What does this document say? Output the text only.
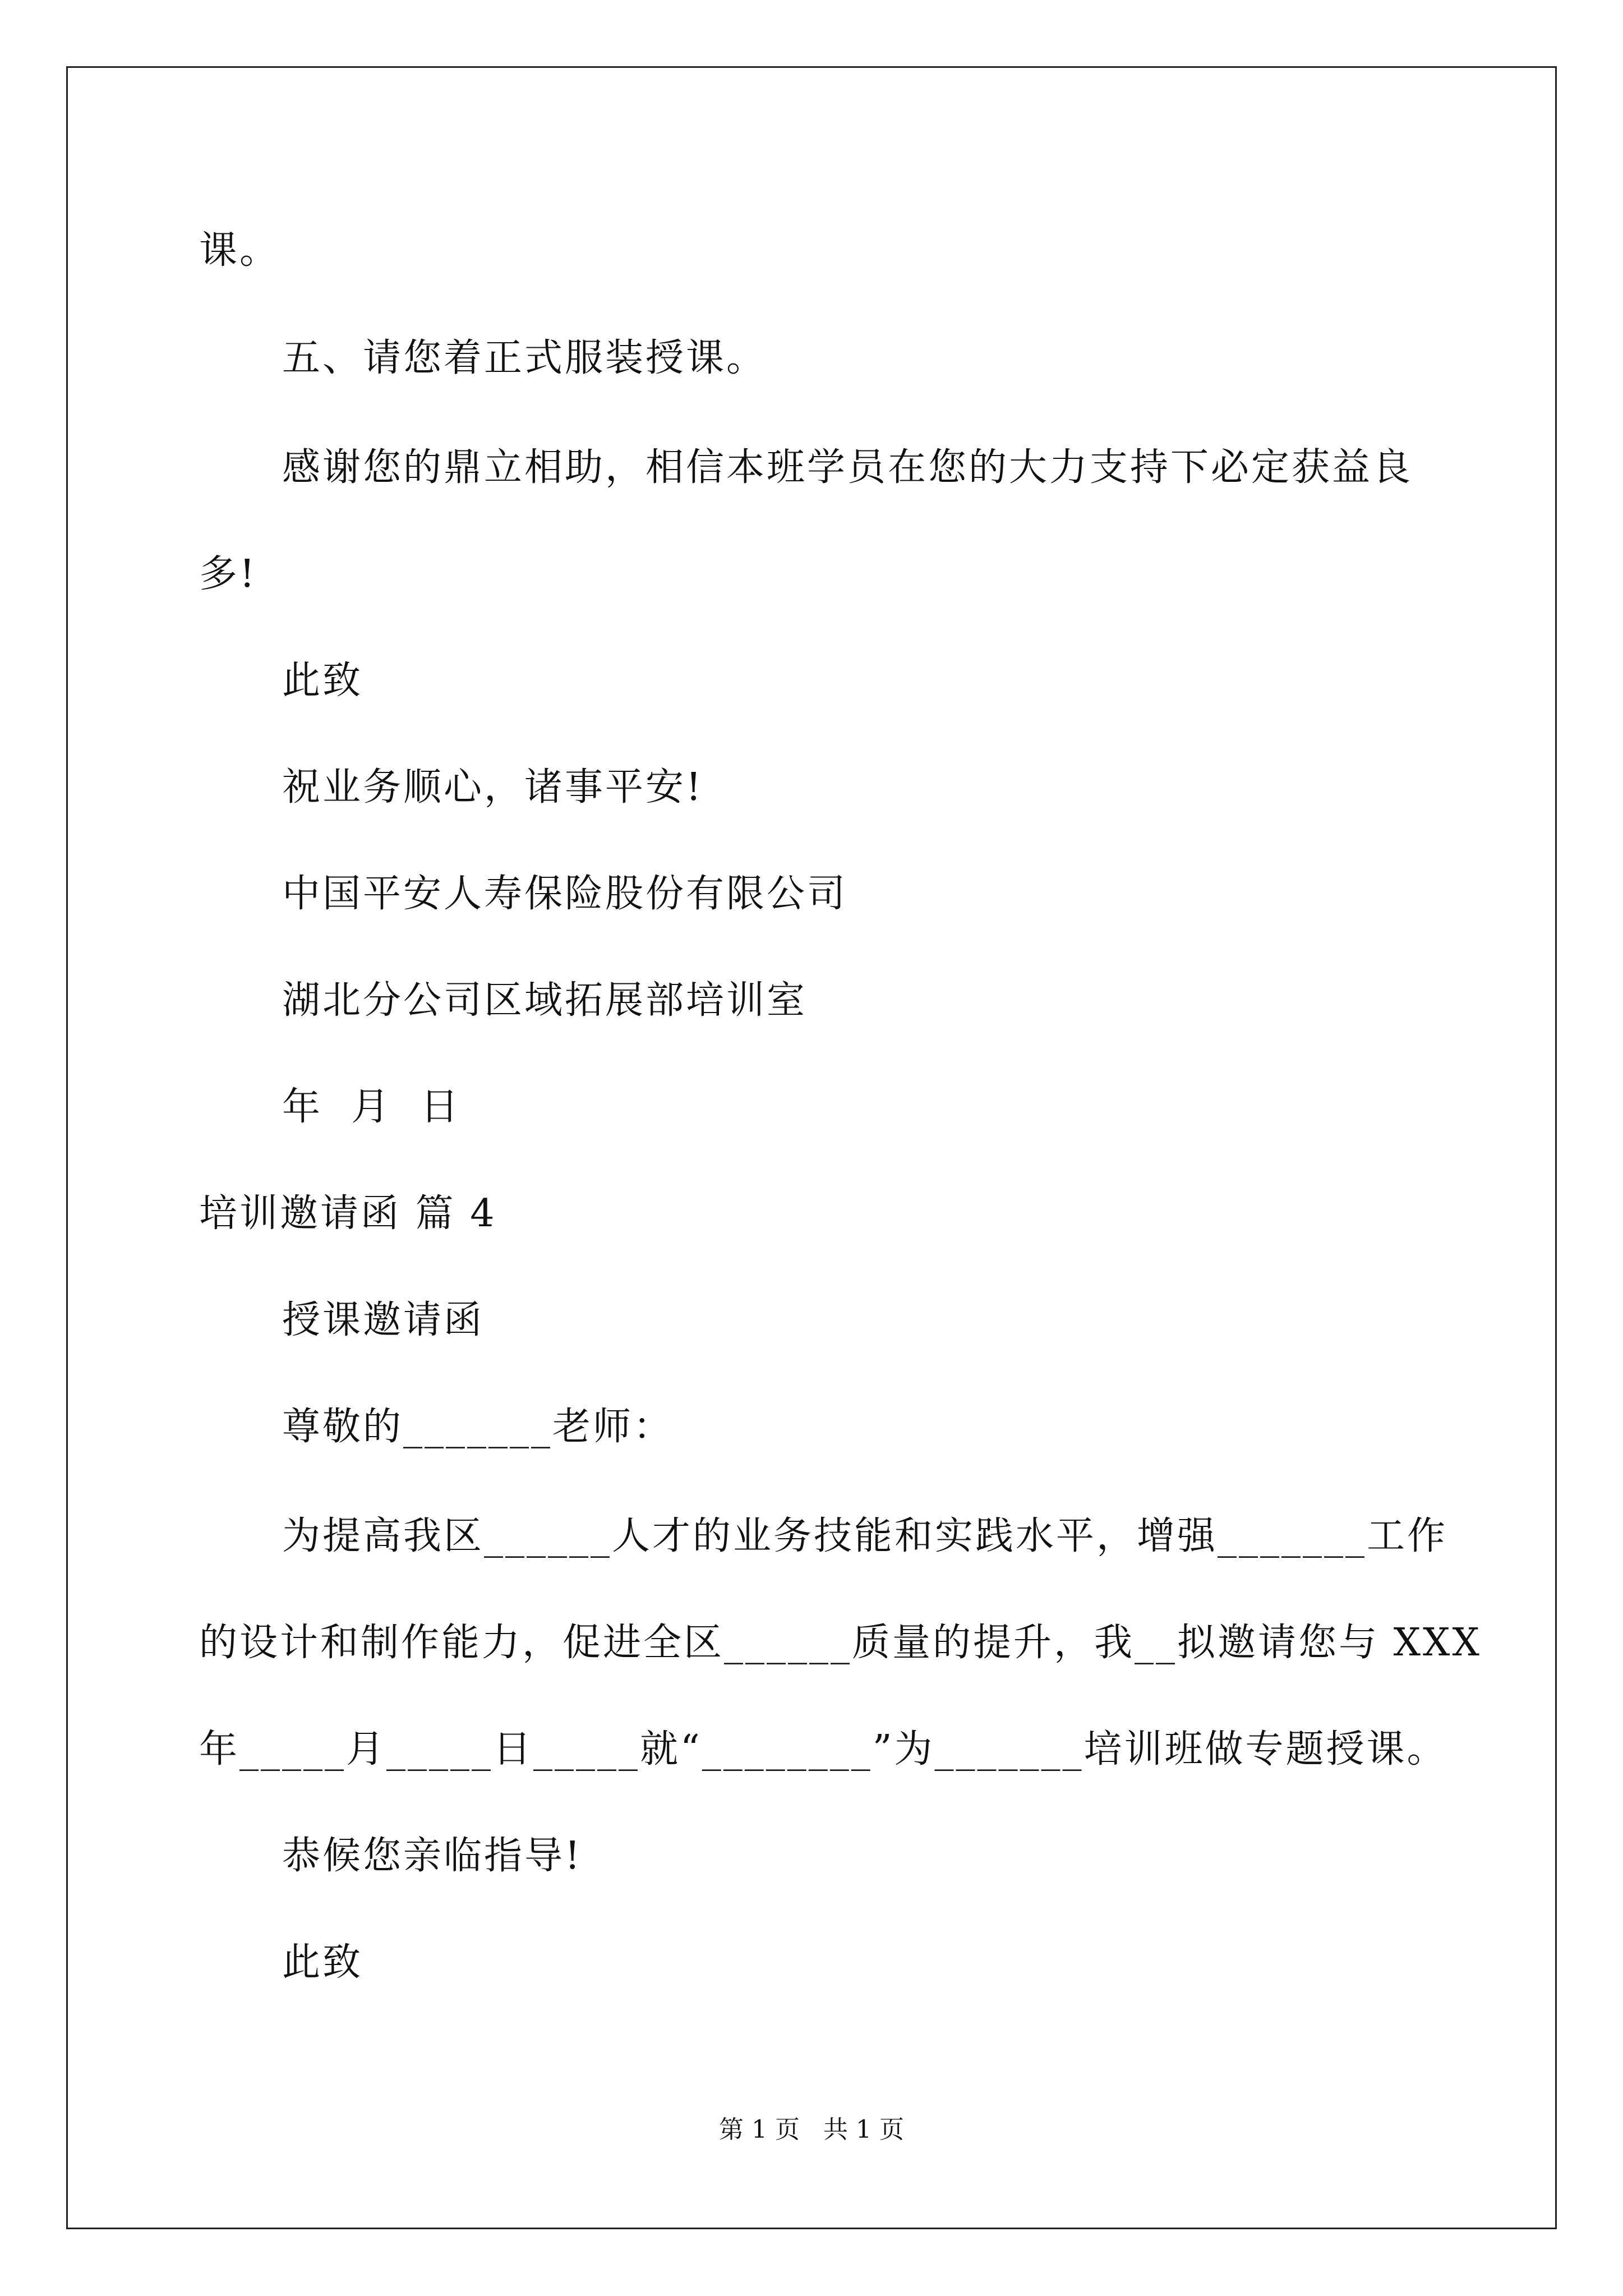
课。
五、请您着正式服装授课。
感谢您的鼎立相助，相信本班学员在您的大力支持下必定获益良
多!
此致
祝业务顺心，诸事平安!
中国平安人寿保险股份有限公司
湖北分公司区域拓展部培训室
年  月  日
培训邀请函 篇 4
授课邀请函
尊敬的_______老师：
为提高我区______人才的业务技能和实践水平，增强_______工作
的设计和制作能力，促进全区______质量的提升，我__拟邀请您与 XXX
年_____月_____日_____就“________”为_______培训班做专题授课。
恭候您亲临指导!
此致
第 1 页   共 1 页
